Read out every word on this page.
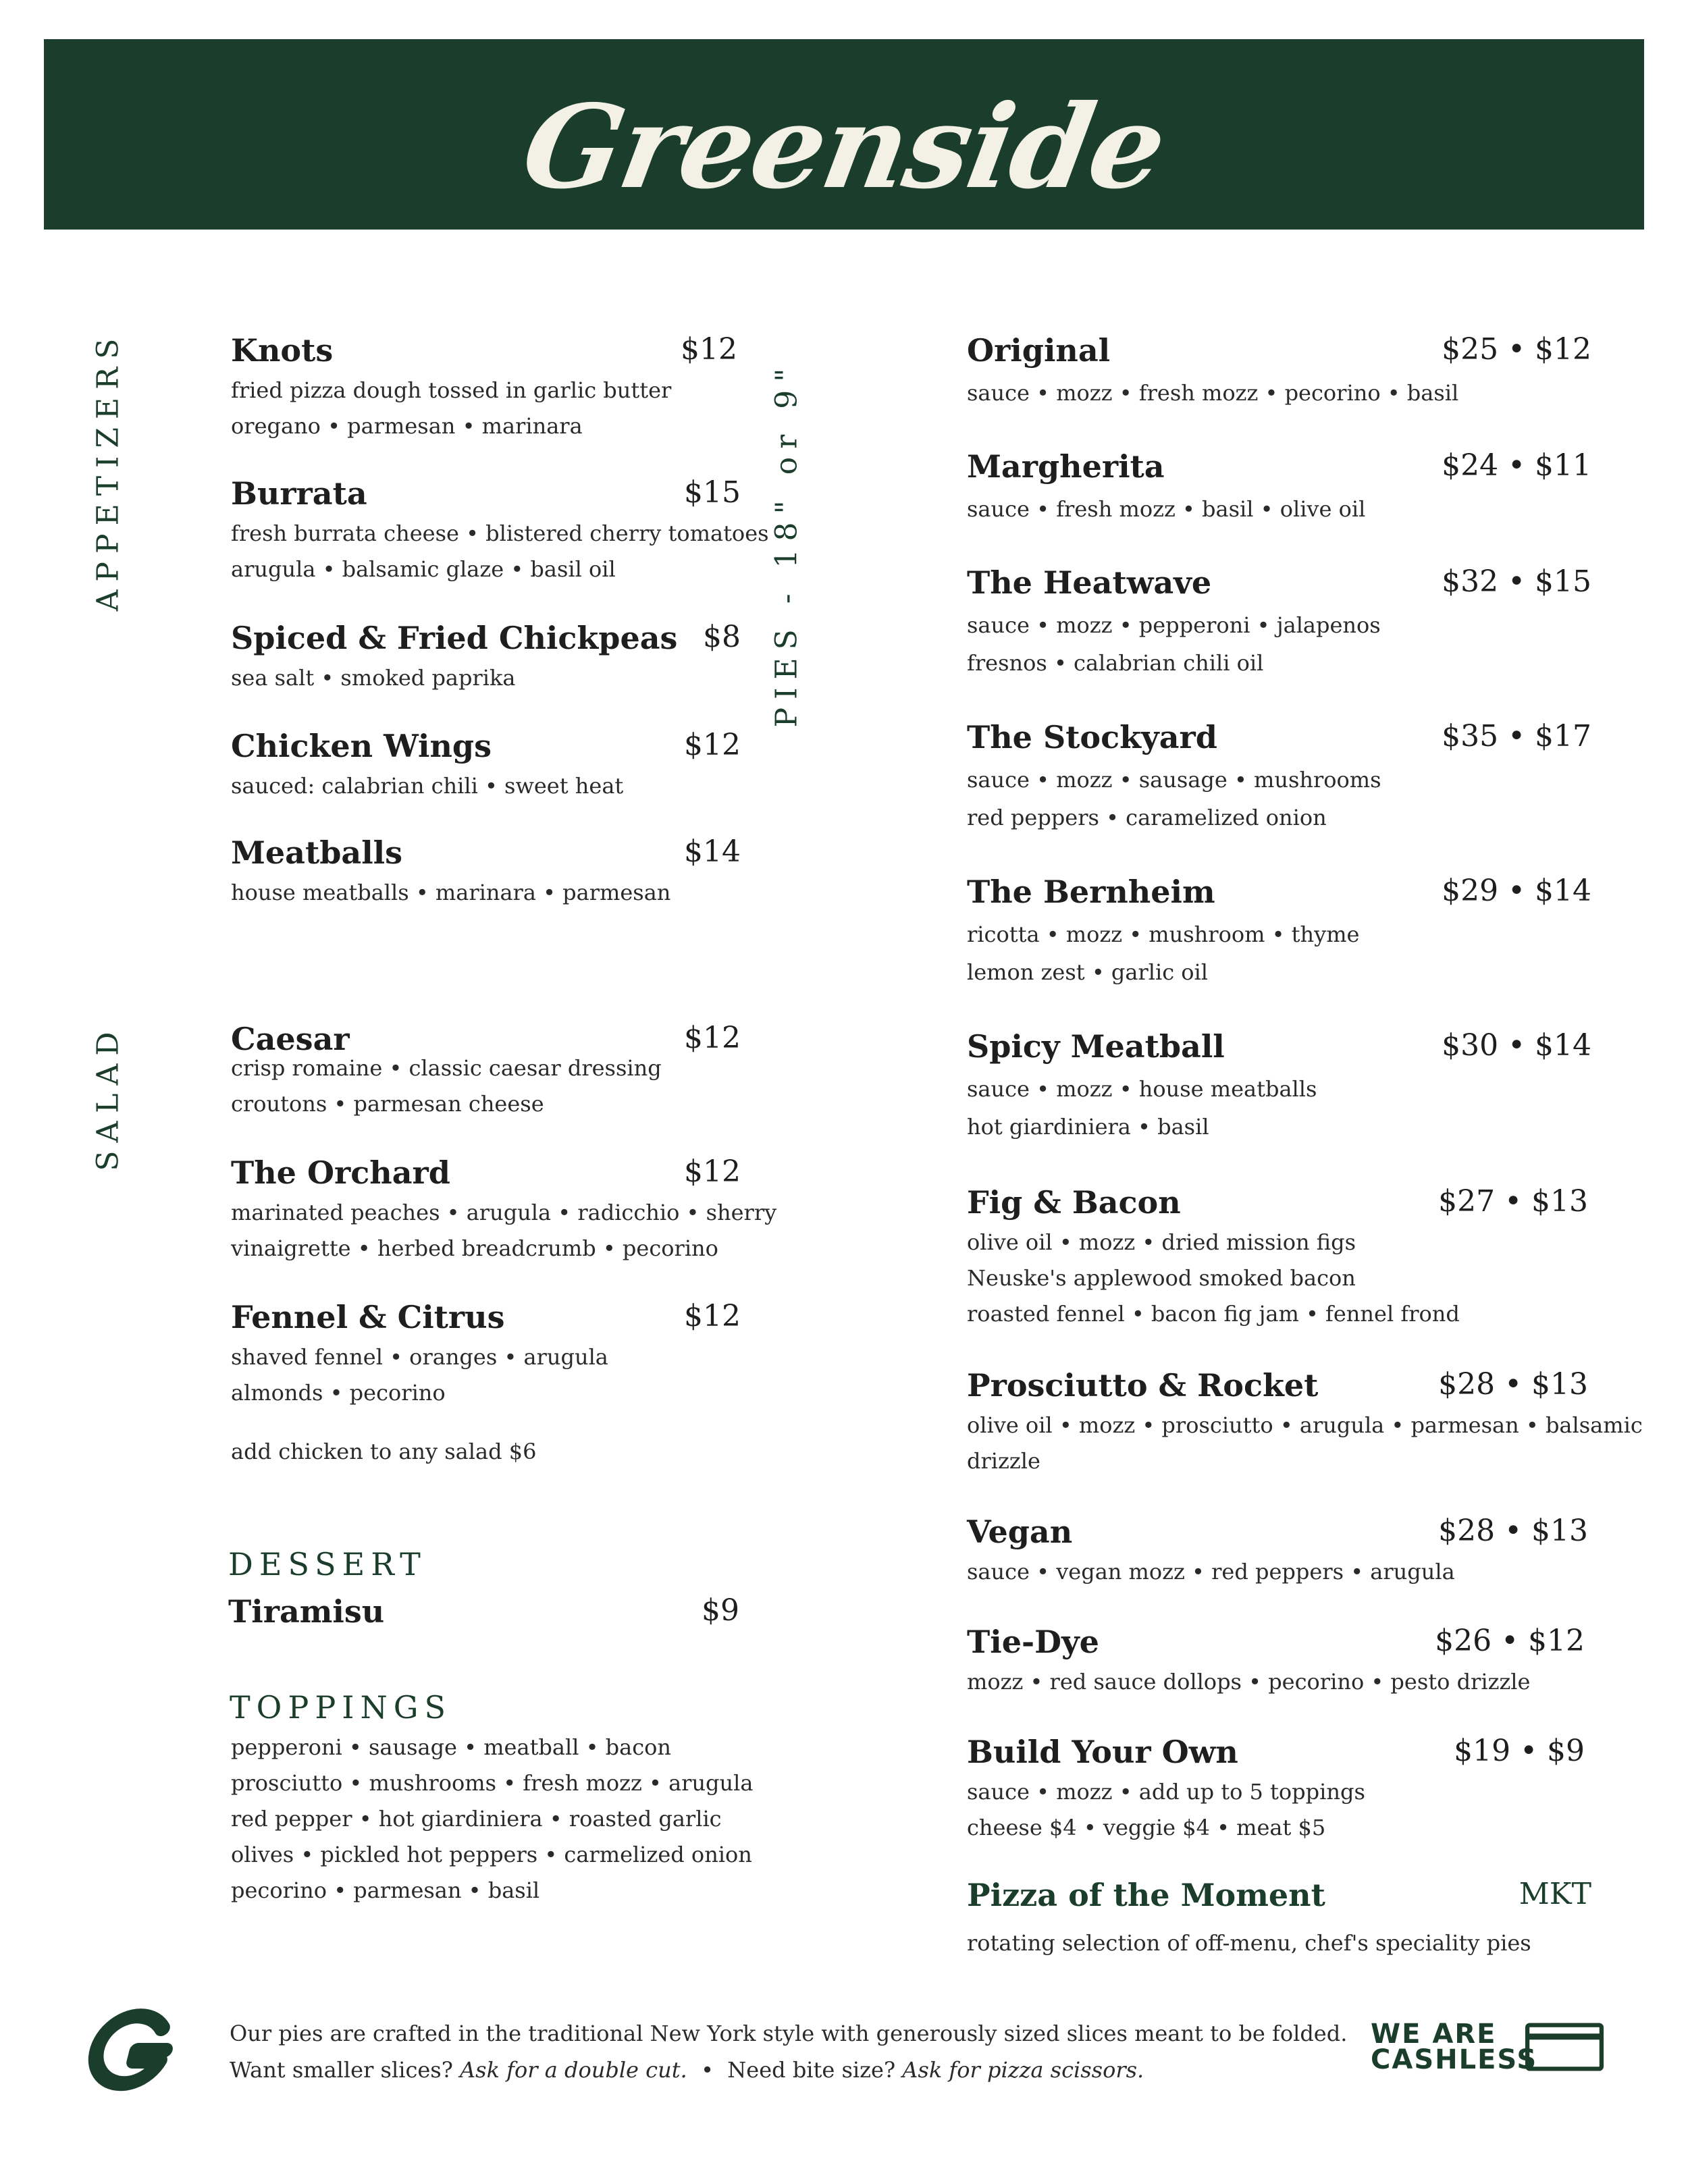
Greenside
APPETIZERS
SALAD
PIES - 18" or 9"
Knots	$12
fried pizza dough tossed in garlic butter
oregano • parmesan • marinara
Burrata	$15
fresh burrata cheese • blistered cherry tomatoes
arugula • balsamic glaze • basil oil
Spiced & Fried Chickpeas $8
sea salt • smoked paprika
Chicken Wings	$12
sauced: calabrian chili • sweet heat
Meatballs	$14
house meatballs • marinara • parmesan
Caesar	$12
crisp romaine • classic caesar dressing
croutons • parmesan cheese
The Orchard	$12
marinated peaches • arugula • radicchio • sherry
vinaigrette • herbed breadcrumb • pecorino
Fennel & Citrus	$12
shaved fennel • oranges • arugula
almonds • pecorino
add chicken to any salad $6
DESSERT
Tiramisu	$9
TOPPINGS
pepperoni • sausage • meatball • bacon
prosciutto • mushrooms • fresh mozz • arugula
red pepper • hot giardiniera • roasted garlic
olives • pickled hot peppers • carmelized onion
pecorino • parmesan • basil
Original	$25 • $12
sauce • mozz • fresh mozz • pecorino • basil
Margherita	$24 • $11
sauce • fresh mozz • basil • olive oil
The Heatwave	$32 • $15
sauce • mozz • pepperoni • jalapenos
fresnos • calabrian chili oil
The Stockyard	$35 • $17
sauce • mozz • sausage • mushrooms
red peppers • caramelized onion
The Bernheim	$29 • $14
ricotta • mozz • mushroom • thyme
lemon zest • garlic oil
Spicy Meatball	$30 • $14
sauce • mozz • house meatballs
hot giardiniera • basil
Fig & Bacon	$27 • $13
olive oil • mozz • dried mission figs
Neuske's applewood smoked bacon
roasted fennel • bacon fig jam • fennel frond
Prosciutto & Rocket	$28 • $13
olive oil • mozz • prosciutto • arugula • parmesan • balsamic
drizzle
Vegan	$28 • $13
sauce • vegan mozz • red peppers • arugula
Tie-Dye	$26 • $12
mozz • red sauce dollops • pecorino • pesto drizzle
Build Your Own	$19 • $9
sauce • mozz • add up to 5 toppings
cheese $4 • veggie $4 • meat $5
Pizza of the Moment	MKT
rotating selection of off-menu, chef's speciality pies
Our pies are crafted in the traditional New York style with generously sized slices meant to be folded.
Want smaller slices? Ask for a double cut.  •  Need bite size? Ask for pizza scissors.
WE ARE
CASHLESS
